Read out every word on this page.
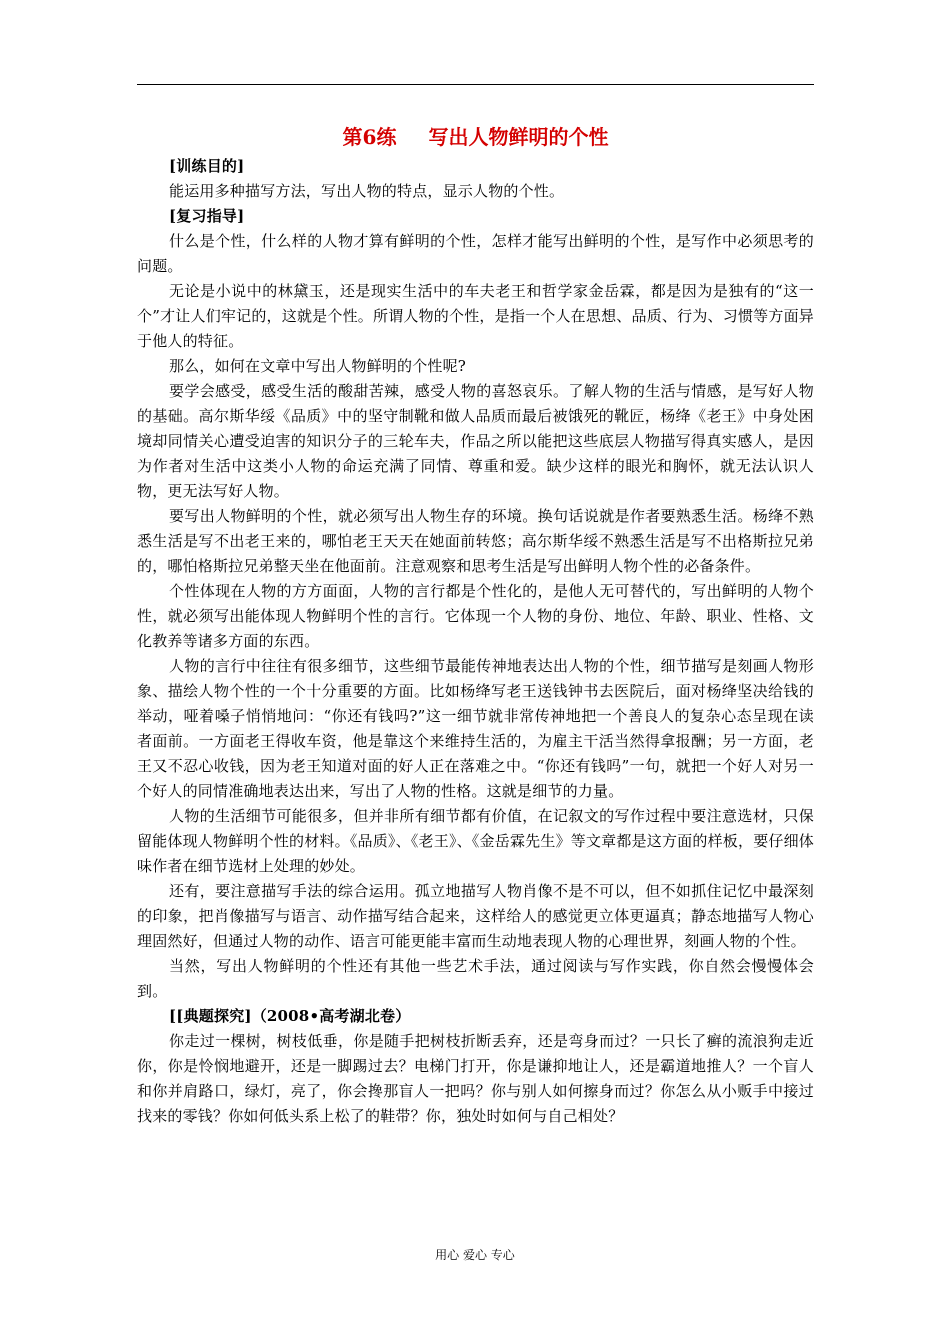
第6练 写出人物鲜明的个性

[训练目的]

能运用多种描写方法，写出人物的特点，显示人物的个性。

[复习指导]

什么是个性，什么样的人物才算有鲜明的个性，怎样才能写出鲜明的个性，是写作中必须思考的问题。

无论是小说中的林黛玉，还是现实生活中的车夫老王和哲学家金岳霖，都是因为是独有的“这一个”才让人们牢记的，这就是个性。所谓人物的个性，是指一个人在思想、品质、行为、习惯等方面异于他人的特征。

那么，如何在文章中写出人物鲜明的个性呢?

要学会感受，感受生活的酸甜苦辣，感受人物的喜怒哀乐。了解人物的生活与情感，是写好人物的基础。高尔斯华绥《品质》中的坚守制靴和做人品质而最后被饿死的靴匠，杨绛《老王》中身处困境却同情关心遭受迫害的知识分子的三轮车夫，作品之所以能把这些底层人物描写得真实感人，是因为作者对生活中这类小人物的命运充满了同情、尊重和爱。缺少这样的眼光和胸怀，就无法认识人物，更无法写好人物。

要写出人物鲜明的个性，就必须写出人物生存的环境。换句话说就是作者要熟悉生活。杨绛不熟悉生活是写不出老王来的，哪怕老王天天在她面前转悠；高尔斯华绥不熟悉生活是写不出格斯拉兄弟的，哪怕格斯拉兄弟整天坐在他面前。注意观察和思考生活是写出鲜明人物个性的必备条件。

个性体现在人物的方方面面，人物的言行都是个性化的，是他人无可替代的，写出鲜明的人物个性，就必须写出能体现人物鲜明个性的言行。它体现一个人物的身份、地位、年龄、职业、性格、文化教养等诸多方面的东西。

人物的言行中往往有很多细节，这些细节最能传神地表达出人物的个性，细节描写是刻画人物形象、描绘人物个性的一个十分重要的方面。比如杨绛写老王送钱钟书去医院后，面对杨绛坚决给钱的举动，哑着嗓子悄悄地问：“你还有钱吗?”这一细节就非常传神地把一个善良人的复杂心态呈现在读者面前。一方面老王得收车资，他是靠这个来维持生活的，为雇主干活当然得拿报酬；另一方面，老王又不忍心收钱，因为老王知道对面的好人正在落难之中。“你还有钱吗”一句，就把一个好人对另一个好人的同情准确地表达出来，写出了人物的性格。这就是细节的力量。

人物的生活细节可能很多，但并非所有细节都有价值，在记叙文的写作过程中要注意选材，只保留能体现人物鲜明个性的材料。《品质》、《老王》、《金岳霖先生》等文章都是这方面的样板，要仔细体味作者在细节选材上处理的妙处。

还有，要注意描写手法的综合运用。孤立地描写人物肖像不是不可以，但不如抓住记忆中最深刻的印象，把肖像描写与语言、动作描写结合起来，这样给人的感觉更立体更逼真；静态地描写人物心理固然好，但通过人物的动作、语言可能更能丰富而生动地表现人物的心理世界，刻画人物的个性。

当然，写出人物鲜明的个性还有其他一些艺术手法，通过阅读与写作实践，你自然会慢慢体会到。

[[典题探究]（2008•高考湖北卷）

你走过一棵树，树枝低垂，你是随手把树枝折断丢弃，还是弯身而过？一只长了癣的流浪狗走近你，你是怜悯地避开，还是一脚踢过去？电梯门打开，你是谦抑地让人，还是霸道地推人？一个盲人和你并肩路口，绿灯，亮了，你会搀那盲人一把吗？你与别人如何擦身而过？你怎么从小贩手中接过找来的零钱？你如何低头系上松了的鞋带？你，独处时如何与自己相处？

用心 爱心 专心
